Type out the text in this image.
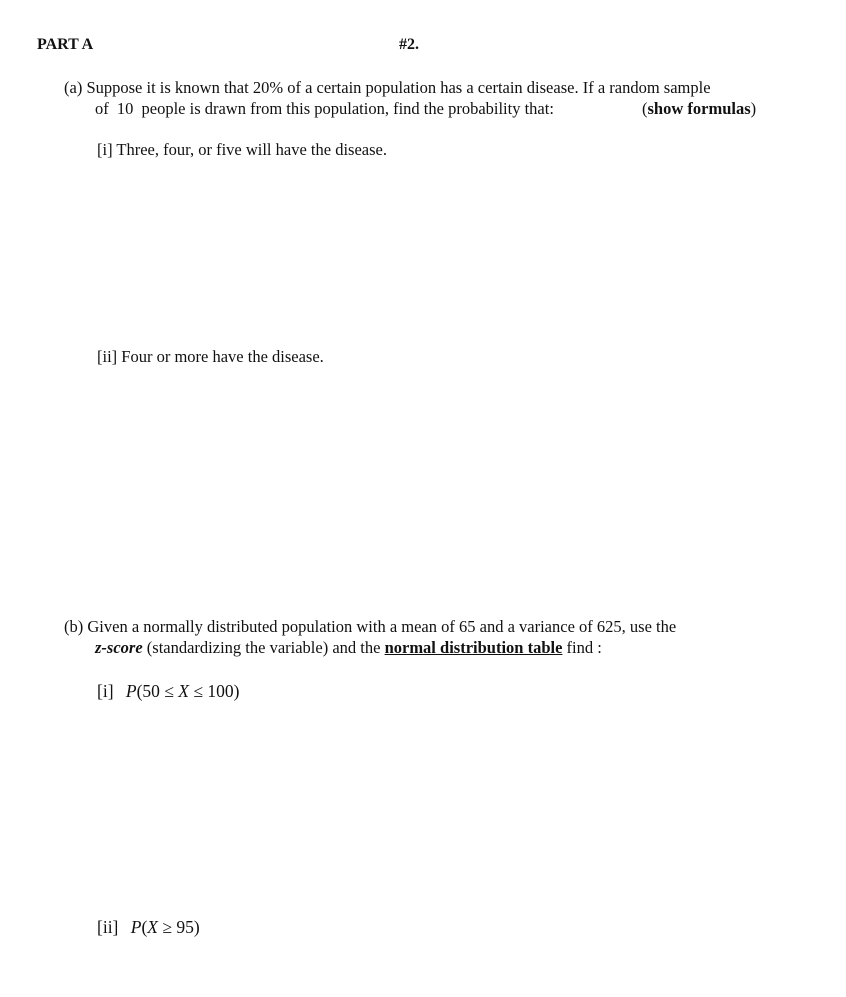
PART A	#2.
(a) Suppose it is known that 20% of a certain population has a certain disease. If a random sample
of 10 people is drawn from this population, find the probability that:	(show formulas)
[i] Three, four, or five will have the disease.
[ii] Four or more have the disease.
(b) Given a normally distributed population with a mean of 65 and a variance of 625, use the
z-score (standardizing the variable) and the normal distribution table find :
[i] P(50 ≤ X ≤ 100)
[ii] P(X ≥ 95)
